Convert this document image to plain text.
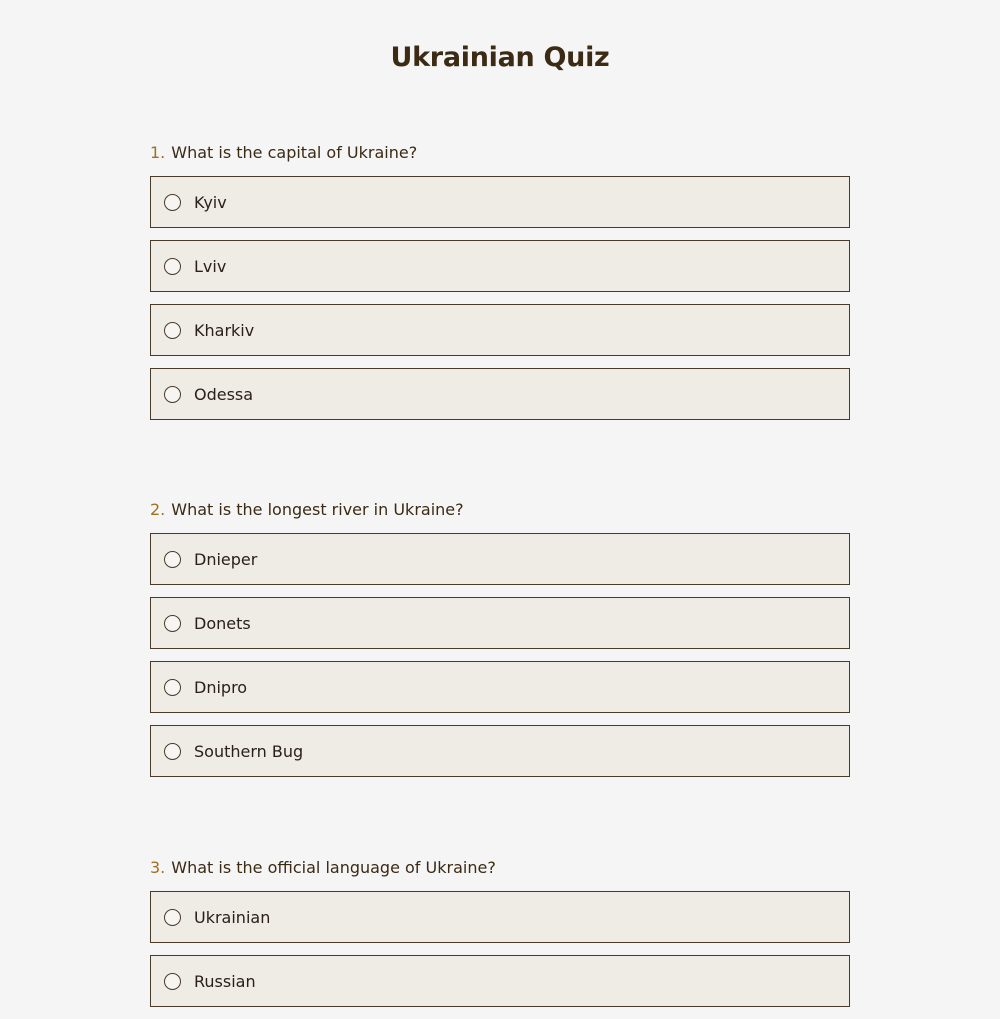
Ukrainian Quiz
1. What is the capital of Ukraine?
Kyiv
Lviv
Kharkiv
Odessa
2. What is the longest river in Ukraine?
Dnieper
Donets
Dnipro
Southern Bug
3. What is the official language of Ukraine?
Ukrainian
Russian
